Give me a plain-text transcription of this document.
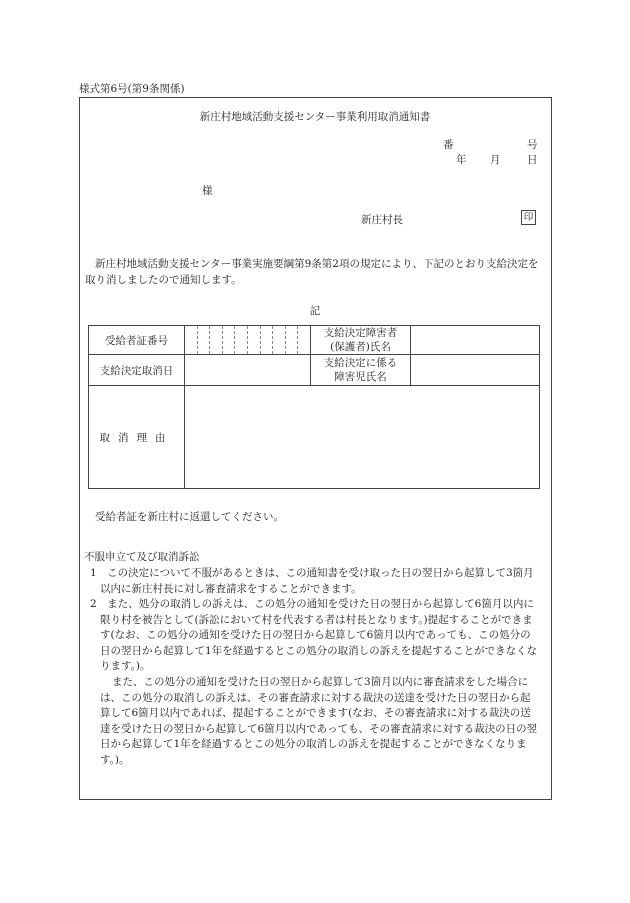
様式第6号(第9条関係)
新庄村地域活動支援センター事業利用取消通知書
番	号
年 月	日
様
新庄村長	印
新庄村地域活動支援センター事業実施要綱第9条第2項の規定により、下記のとおり支給決定を取り消しましたので通知します。
記
受給者証番号		支給決定障害者
(保護者)氏名	

支給決定取消日		支給決定に係る
障害児氏名	

取消理由			
受給者証を新庄村に返還してください。
不服申立て及び取消訴訟
1　この決定について不服があるときは、この通知書を受け取った日の翌日から起算して3箇月以内に新庄村長に対し審査請求をすることができます。
2　また、処分の取消しの訴えは、この処分の通知を受けた日の翌日から起算して6箇月以内に限り村を被告として(訴訟において村を代表する者は村長となります。)提起することができます(なお、この処分の通知を受けた日の翌日から起算して6箇月以内であっても、この処分の日の翌日から起算して1年を経過するとこの処分の取消しの訴えを提起することができなくなります。)。
また、この処分の通知を受けた日の翌日から起算して3箇月以内に審査請求をした場合には、この処分の取消しの訴えは、その審査請求に対する裁決の送達を受けた日の翌日から起算して6箇月以内であれば、提起することができます(なお、その審査請求に対する裁決の送達を受けた日の翌日から起算して6箇月以内であっても、その審査請求に対する裁決の日の翌日から起算して1年を経過するとこの処分の取消しの訴えを提起することができなくなります。)。
